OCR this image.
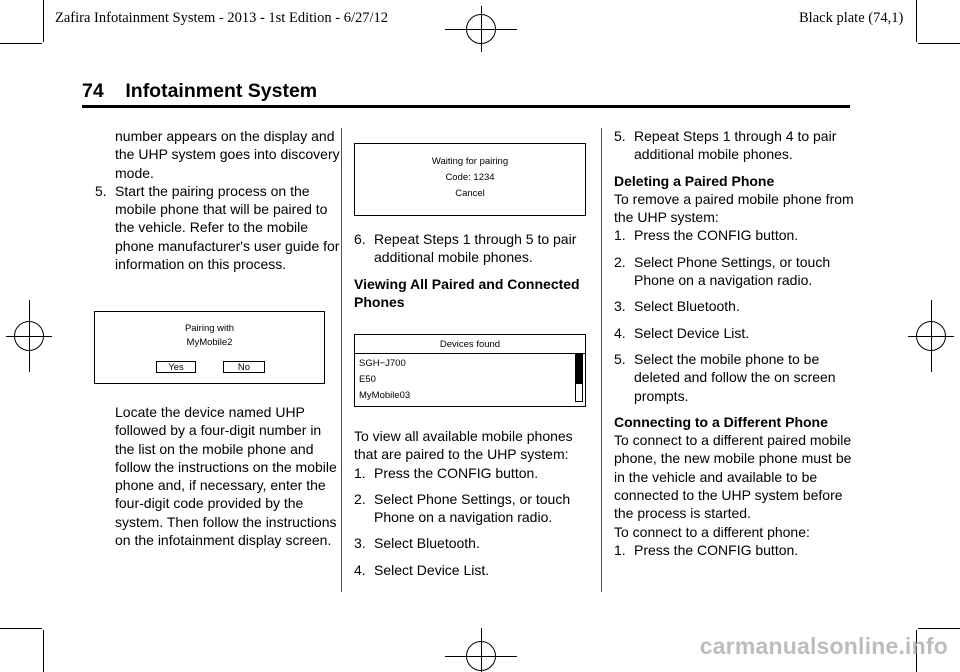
Zafira Infotainment System - 2013 - 1st Edition - 6/27/12	Black plate (74,1)
74    Infotainment System

number appears on the display and the UHP system goes into discovery mode.

5. Start the pairing process on the mobile phone that will be paired to the vehicle. Refer to the mobile phone manufacturer's user guide for information on this process.
Pairing with
MyMobile2
Yes	No

Locate the device named UHP followed by a four-digit number in the list on the mobile phone and follow the instructions on the mobile phone and, if necessary, enter the four-digit code provided by the system. Then follow the instructions on the infotainment display screen.

Waiting for pairing
Code: 1234
Cancel
6. Repeat Steps 1 through 5 to pair additional mobile phones.

Viewing All Paired and Connected Phones

Devices found
SGH−J700
E50
MyMobile03

To view all available mobile phones that are paired to the UHP system:

1. Press the CONFIG button.
2. Select Phone Settings, or touch Phone on a navigation radio.
3. Select Bluetooth.
4. Select Device List.
5. Repeat Steps 1 through 4 to pair additional mobile phones.

Deleting a Paired Phone

To remove a paired mobile phone from the UHP system:

1. Press the CONFIG button.
2. Select Phone Settings, or touch Phone on a navigation radio.
3. Select Bluetooth.
4. Select Device List.
5. Select the mobile phone to be deleted and follow the on screen prompts.

Connecting to a Different Phone

To connect to a different paired mobile phone, the new mobile phone must be in the vehicle and available to be connected to the UHP system before the process is started.

To connect to a different phone:

1. Press the CONFIG button.
carmanualsonline.info
